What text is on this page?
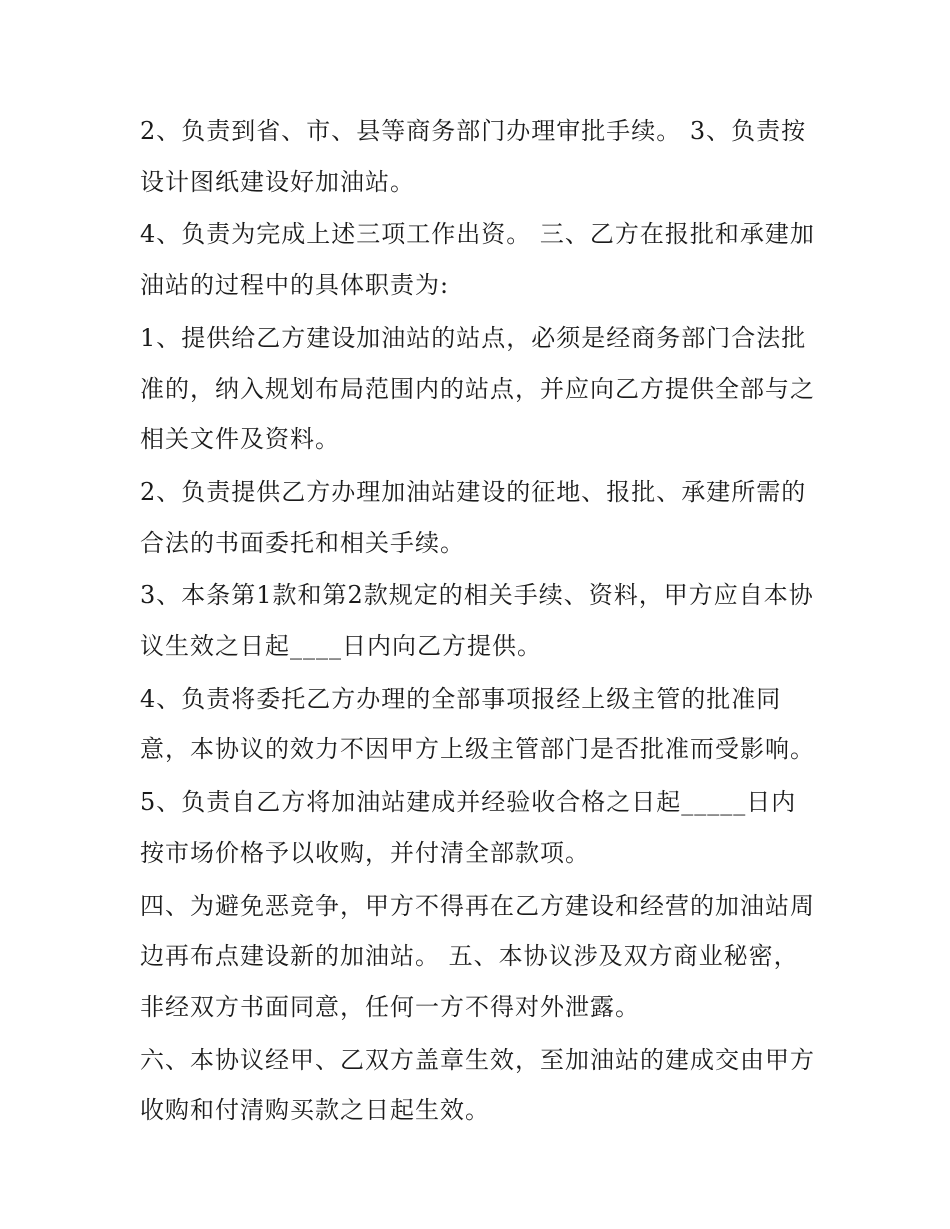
2、负责到省、市、县等商务部门办理审批手续。 3、负责按设计图纸建设好加油站。

4、负责为完成上述三项工作出资。 三、乙方在报批和承建加油站的过程中的具体职责为:

1、提供给乙方建设加油站的站点，必须是经商务部门合法批准的，纳入规划布局范围内的站点，并应向乙方提供全部与之相关文件及资料。

2、负责提供乙方办理加油站建设的征地、报批、承建所需的合法的书面委托和相关手续。

3、本条第1款和第2款规定的相关手续、资料，甲方应自本协议生效之日起____日内向乙方提供。

4、负责将委托乙方办理的全部事项报经上级主管的批准同意，本协议的效力不因甲方上级主管部门是否批准而受影响。

5、负责自乙方将加油站建成并经验收合格之日起_____日内按市场价格予以收购，并付清全部款项。

四、为避免恶竞争，甲方不得再在乙方建设和经营的加油站周边再布点建设新的加油站。 五、本协议涉及双方商业秘密，非经双方书面同意，任何一方不得对外泄露。

六、本协议经甲、乙双方盖章生效，至加油站的建成交由甲方收购和付清购买款之日起生效。
